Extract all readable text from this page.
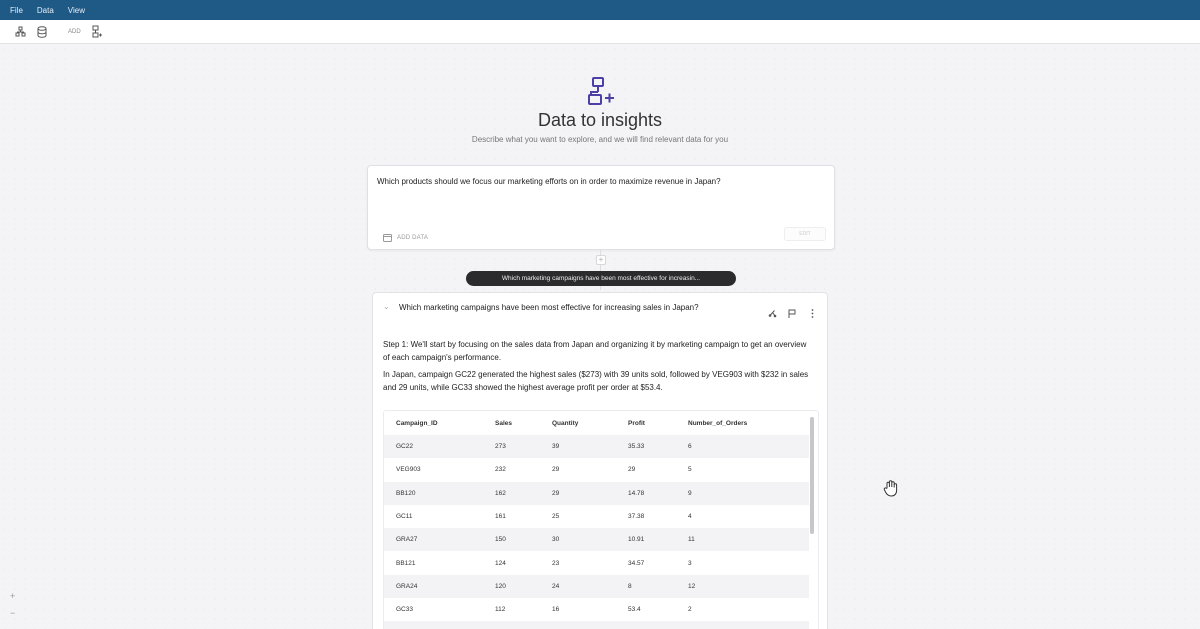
File Data View
ADD
Data to insights
Describe what you want to explore, and we will find relevant data for you
Which products should we focus our marketing efforts on in order to maximize revenue in Japan?
ADD DATA
EDIT
+
Which marketing campaigns have been most effective for increasin...
⌄	Which marketing campaigns have been most effective for increasing sales in Japan?

Step 1: We'll start by focusing on the sales data from Japan and organizing it by marketing campaign to get an overview of each campaign's performance.

In Japan, campaign GC22 generated the highest sales ($273) with 39 units sold, followed by VEG903 with $232 in sales and 29 units, while GC33 showed the highest average profit per order at $53.4.

Campaign_ID	Sales	Quantity	Profit	Number_of_Orders
GC22	273	39	35.33	6
VEG903	232	29	29	5
BB120	162	29	14.78	9
GC11	161	25	37.38	4
GRA27	150	30	10.91	11
BB121	124	23	34.57	3
GRA24	120	24	8	12
GC33	112	16	53.4	2

+
−
